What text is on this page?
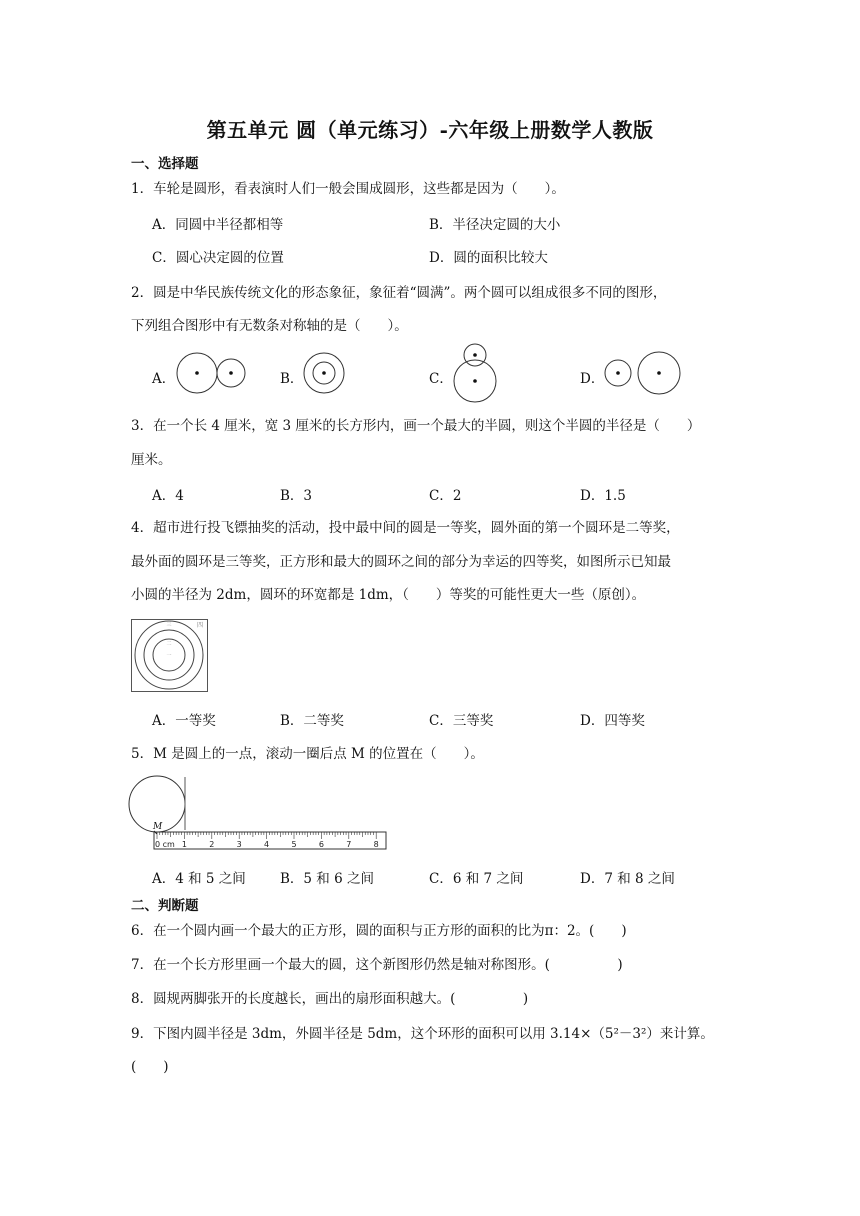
第五单元 圆（单元练习）-六年级上册数学人教版
一、选择题
1．车轮是圆形，看表演时人们一般会围成圆形，这些都是因为（　　）。
A．同圆中半径都相等	B．半径决定圆的大小
C．圆心决定圆的位置	D．圆的面积比较大
2．圆是中华民族传统文化的形态象征，象征着“圆满”。两个圆可以组成很多不同的图形，
下列组合图形中有无数条对称轴的是（　　）。
A．	B．	C．	D．
3．在一个长 4 厘米，宽 3 厘米的长方形内，画一个最大的半圆，则这个半圆的半径是（　　）
厘米。
A．4	B．3	C．2	D．1.5
4．超市进行投飞镖抽奖的活动，投中最中间的圆是一等奖，圆外面的第一个圆环是二等奖，
最外面的圆环是三等奖，正方形和最大的圆环之间的部分为幸运的四等奖，如图所示已知最
小圆的半径为 2dm，圆环的环宽都是 1dm，（　　）等奖的可能性更大一些（原创）。
一
二
三	四
A．一等奖	B．二等奖	C．三等奖	D．四等奖
5．M 是圆上的一点，滚动一圈后点 M 的位置在（　　）。
M
0 cm 1	2	3	4	5	6	7	8
A．4 和 5 之间	B．5 和 6 之间	C．6 和 7 之间	D．7 和 8 之间
二、判断题
6．在一个圆内画一个最大的正方形，圆的面积与正方形的面积的比为π：2。(　　)
7．在一个长方形里画一个最大的圆，这个新图形仍然是轴对称图形。(　　　　　)
8．圆规两脚张开的长度越长，画出的扇形面积越大。(　　　　　)
9．下图内圆半径是 3dm，外圆半径是 5dm，这个环形的面积可以用 3.14×（5²－3²）来计算。
(　　)
